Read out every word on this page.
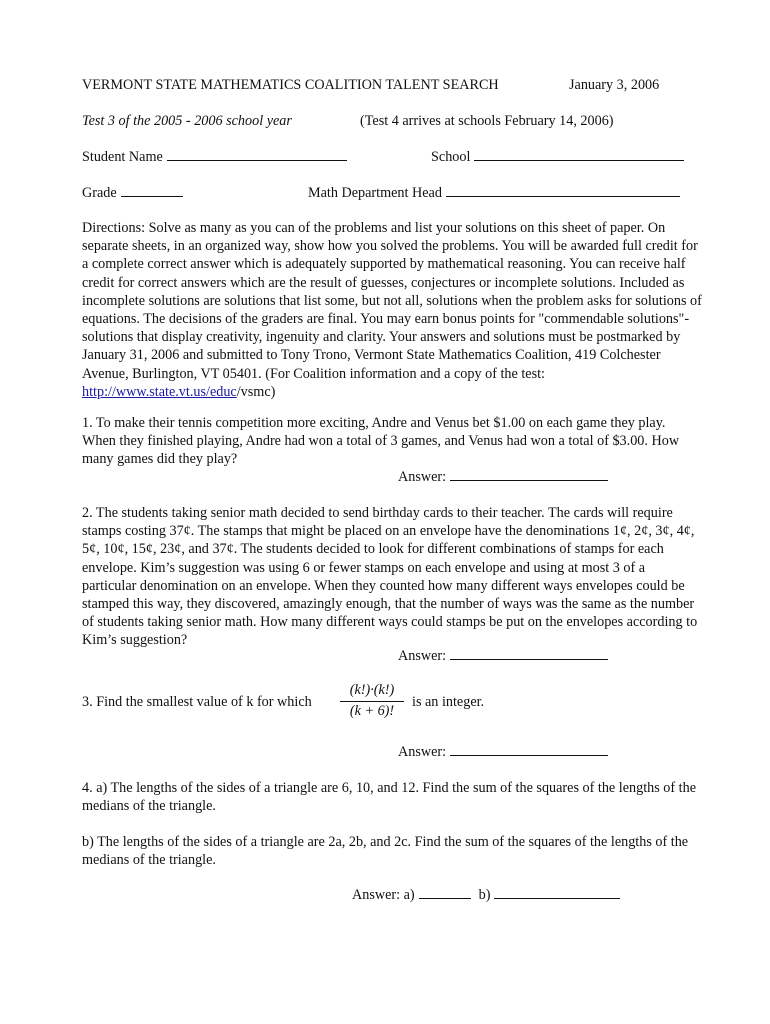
VERMONT STATE MATHEMATICS COALITION TALENT SEARCH	January 3, 2006
Test 3 of the 2005 - 2006 school year	(Test 4 arrives at schools February 14, 2006)
Student Name	School
Grade	Math Department Head
Directions: Solve as many as you can of the problems and list your solutions on this sheet of paper. On separate sheets, in an organized way, show how you solved the problems. You will be awarded full credit for a complete correct answer which is adequately supported by mathematical reasoning. You can receive half credit for correct answers which are the result of guesses, conjectures or incomplete solutions. Included as incomplete solutions are solutions that list some, but not all, solutions when the problem asks for solutions of equations. The decisions of the graders are final. You may earn bonus points for "commendable solutions"- solutions that display creativity, ingenuity and clarity. Your answers and solutions must be postmarked by January 31, 2006 and submitted to Tony Trono, Vermont State Mathematics Coalition, 419 Colchester Avenue, Burlington, VT 05401. (For Coalition information and a copy of the test: http://www.state.vt.us/educ/vsmc)
1. To make their tennis competition more exciting, Andre and Venus bet $1.00 on each game they play. When they finished playing, Andre had won a total of 3 games, and Venus had won a total of $3.00. How many games did they play?
Answer:
2. The students taking senior math decided to send birthday cards to their teacher. The cards will require stamps costing 37¢. The stamps that might be placed on an envelope have the denominations 1¢, 2¢, 3¢, 4¢, 5¢, 10¢, 15¢, 23¢, and 37¢. The students decided to look for different combinations of stamps for each envelope. Kim’s suggestion was using 6 or fewer stamps on each envelope and using at most 3 of a particular denomination on an envelope. When they counted how many different ways envelopes could be stamped this way, they discovered, amazingly enough, that the number of ways was the same as the number of students taking senior math. How many different ways could stamps be put on the envelopes according to Kim’s suggestion?
Answer:
3. Find the smallest value of k for which $\frac{(k!)\cdot(k!)}{(k + 6)!}$ is an integer.
Answer:
4. a) The lengths of the sides of a triangle are 6, 10, and 12. Find the sum of the squares of the lengths of the medians of the triangle.
b) The lengths of the sides of a triangle are 2a, 2b, and 2c. Find the sum of the squares of the lengths of the medians of the triangle.
Answer: a)	b)
